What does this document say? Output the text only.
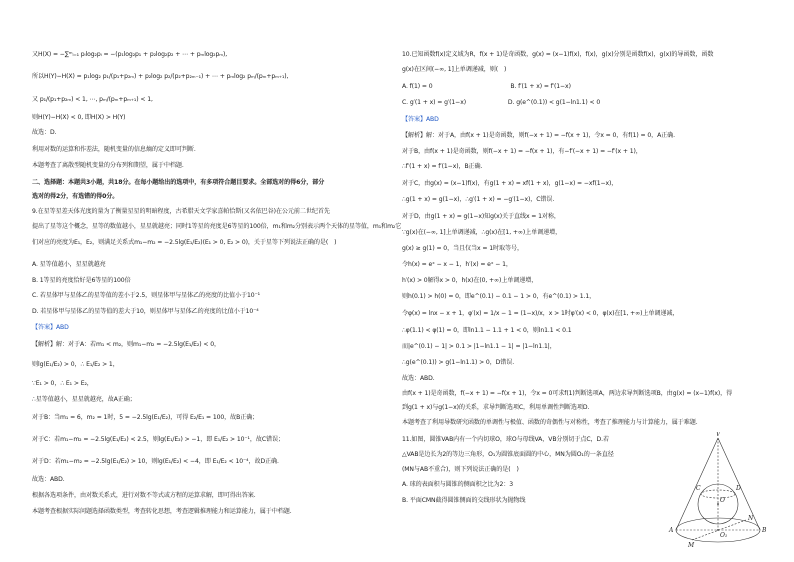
又H(X) = −∑ᵐᵢ₌₁ pᵢlog₂pᵢ = −(p₁log₂p₁ + p₂log₂p₂ + ⋯ + pₘlog₂pₘ),
所以H(Y)−H(X) = p₁log₂ p₁/(p₁+p₂ₘ) + p₂log₂ p₂/(p₂+p₂ₘ₋₁) + ⋯ + pₘlog₂ pₘ/(pₘ+pₘ₊₁),
又 p₁/(p₁+p₂ₘ) < 1, ⋯, pₘ/(pₘ+pₘ₊₁) < 1,
则H(Y)−H(X) < 0, 即H(X) > H(Y)
故选：D.
利用对数的运算和作差法，随机变量的信息熵的定义即可判断.
本题考查了离散型随机变量的分布列和期望，属于中档题.
二、选择题：本题共3小题，共18分。在每小题给出的选项中，有多项符合题目要求。全部选对的得6分，部分
选对的得2分，有选错的得0分。
9.在星等星差天体光度的量为了衡量星星的明暗程度，古希腊天文学家喜帕恰斯(又名依巴谷)在公元前二世纪首先
提出了星等这个概念，星等的数值越小，星星就越亮；同时1等星的亮度是6等星的100倍，m₁和m₂分别表示两个天体的星等值，m₁和m₂它
们对应的亮度为E₁，E₂，则满足关系式m₁−m₂ = −2.5lg(E₁/E₂)(E₁ > 0, E₂ > 0)，关于星等下列说法正确的是(　)
A. 星等值越小，星星就越亮
B. 1等星的亮度恰好是6等星的100倍
C. 若星体甲与星体乙的星等值的差小于2.5，则星体甲与星体乙的亮度的比值小于10⁻¹
D. 若星体甲与星体乙的星等值的差大于10，则星体甲与星体乙的亮度的比值小于10⁻⁴
【答案】ABD
【解析】解：对于A：若m₁ < m₂，则m₁−m₂ = −2.5lg(E₁/E₂) < 0，
则lg(E₁/E₂) > 0，∴ E₁/E₂ > 1，
∵E₁ > 0，∴ E₁ > E₂，
∴星等值越小，星星就越亮，故A正确；
对于B：当m₁ = 6，m₂ = 1时，5 = −2.5lg(E₁/E₂)，可得 E₂/E₁ = 100，故B正确；
对于C：若m₁−m₂ = −2.5lg(E₁/E₂) < 2.5，则lg(E₁/E₂) > −1，即 E₁/E₂ > 10⁻¹，故C错误；
对于D：若m₁−m₂ = −2.5lg(E₁/E₂) > 10，则lg(E₁/E₂) < −4，即 E₁/E₂ < 10⁻⁴，故D正确.
故选：ABD.
根据各选项条件，由对数关系式，进行对数不等式或方程的运算求解，即可得出答案.
本题考查根据实际问题选择函数类型，考查转化思想，考查逻辑推理能力和运算能力，属于中档题.
10.已知函数f(x)定义域为R，f(x + 1)是奇函数，g(x) = (x−1)f(x)，f(x)，g(x)分别是函数f(x)，g(x)的导函数，函数
g(x)在区间(−∞, 1]上单调递减，则(　)
A. f(1) = 0　　　　　　　　　　　　　B. f′(1 + x) = f′(1−x)
C. g′(1 + x) = g′(1−x)　　　　　　　D. g(e^(0.1)) < g(1−ln1.1) < 0
【答案】ABD
【解析】解：对于A，由f(x + 1)是奇函数，则f(−x + 1) = −f(x + 1)，令x = 0，有f(1) = 0，A正确.
对于B，由f(x + 1)是奇函数，则f(−x + 1) = −f(x + 1)，有−f′(−x + 1) = −f′(x + 1)，
∴f′(1 + x) = f′(1−x)，B正确.
对于C，由g(x) = (x−1)f(x)，有g(1 + x) = xf(1 + x)，g(1−x) = −xf(1−x)，
∴g(1 + x) = g(1−x)，∴g′(1 + x) = −g′(1−x)，C错误.
对于D，由g(1 + x) = g(1−x)知g(x)关于直线x = 1对称，
∵g(x)在(−∞, 1]上单调递减，∴g(x)在[1, +∞)上单调递增，
g(x) ≥ g(1) = 0，当且仅当x = 1时取等号，
令h(x) = eˣ − x − 1，h′(x) = eˣ − 1，
h′(x) > 0解得x > 0，h(x)在(0, +∞)上单调递增，
则h(0.1) > h(0) = 0，即e^(0.1) − 0.1 − 1 > 0，有e^(0.1) > 1.1，
令φ(x) = lnx − x + 1，φ′(x) = 1/x − 1 = (1−x)/x，x > 1时φ′(x) < 0，φ(x)在[1, +∞)上单调递减，
∴φ(1.1) < φ(1) = 0，即ln1.1 − 1.1 + 1 < 0，则ln1.1 < 0.1
而|e^(0.1) − 1| > 0.1 > |1−ln1.1 − 1| = |1−ln1.1|，
∴g(e^(0.1)) > g(1−ln1.1) > 0，D错误.
故选：ABD.
由f(x + 1)是奇函数，f(−x + 1) = −f(x + 1)，令x = 0可求f(1)判断选项A，两边求导判断选项B，由g(x) = (x−1)f(x)，得
到g(1 + x)与g(1−x)的关系，求导判断选项C，利用单调性判断选项D.
本题考查了利用导数研究函数的单调性与极值、函数的奇偶性与对称性，考查了推理能力与计算能力，属于难题.
11.如图，圆锥VAB内有一个内切球O，球O与母线VA，VB分别切于点C，D.若
△VAB是边长为2的等边三角形，O₁为圆锥底面圆的中心，MN为圆O₁的一条直径
(MN与AB不重合)，则下列说法正确的是(　)
A. 球的表面积与圆锥的侧面积之比为2：3
B. 平面CMN截得圆锥侧面的交线形状为抛物线
V
C	D
O
A	B
N
O₁
M
